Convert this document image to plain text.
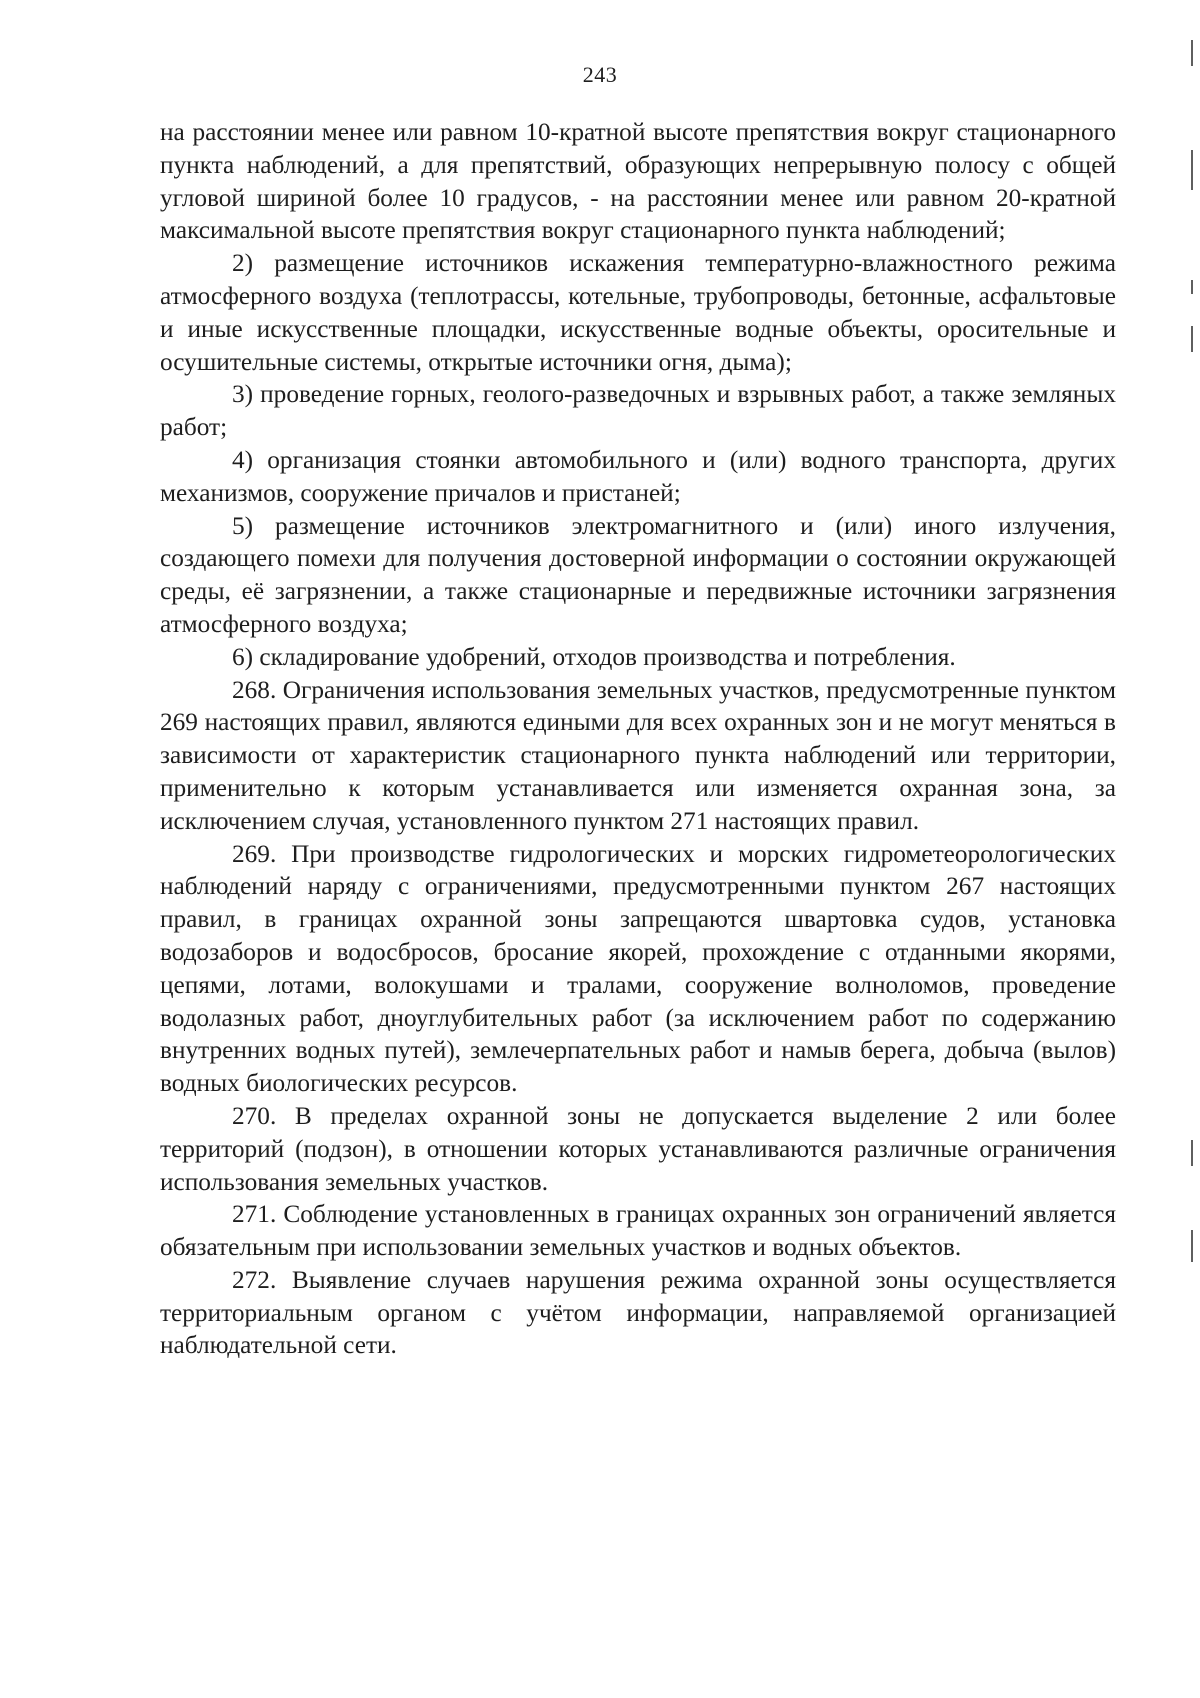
243

на расстоянии менее или равном 10-кратной высоте препятствия вокруг стационарного пункта наблюдений, а для препятствий, образующих непрерывную полосу с общей угловой шириной более 10 градусов, - на расстоянии менее или равном 20-кратной максимальной высоте препятствия вокруг стационарного пункта наблюдений;

2) размещение источников искажения температурно-влажностного режима атмосферного воздуха (теплотрассы, котельные, трубопроводы, бетонные, асфальтовые и иные искусственные площадки, искусственные водные объекты, оросительные и осушительные системы, открытые источники огня, дыма);

3) проведение горных, геолого-разведочных и взрывных работ, а также земляных работ;

4) организация стоянки автомобильного и (или) водного транспорта, других механизмов, сооружение причалов и пристаней;

5) размещение источников электромагнитного и (или) иного излучения, создающего помехи для получения достоверной информации о состоянии окружающей среды, её загрязнении, а также стационарные и передвижные источники загрязнения атмосферного воздуха;

6) складирование удобрений, отходов производства и потребления.

268. Ограничения использования земельных участков, предусмотренные пунктом 269 настоящих правил, являются едиными для всех охранных зон и не могут меняться в зависимости от характеристик стационарного пункта наблюдений или территории, применительно к которым устанавливается или изменяется охранная зона, за исключением случая, установленного пунктом 271 настоящих правил.

269. При производстве гидрологических и морских гидрометеорологических наблюдений наряду с ограничениями, предусмотренными пунктом 267 настоящих правил, в границах охранной зоны запрещаются швартовка судов, установка водозаборов и водосбросов, бросание якорей, прохождение с отданными якорями, цепями, лотами, волокушами и тралами, сооружение волноломов, проведение водолазных работ, дноуглубительных работ (за исключением работ по содержанию внутренних водных путей), землечерпательных работ и намыв берега, добыча (вылов) водных биологических ресурсов.

270. В пределах охранной зоны не допускается выделение 2 или более территорий (подзон), в отношении которых устанавливаются различные ограничения использования земельных участков.

271. Соблюдение установленных в границах охранных зон ограничений является обязательным при использовании земельных участков и водных объектов.

272. Выявление случаев нарушения режима охранной зоны осуществляется территориальным органом с учётом информации, направляемой организацией наблюдательной сети.
